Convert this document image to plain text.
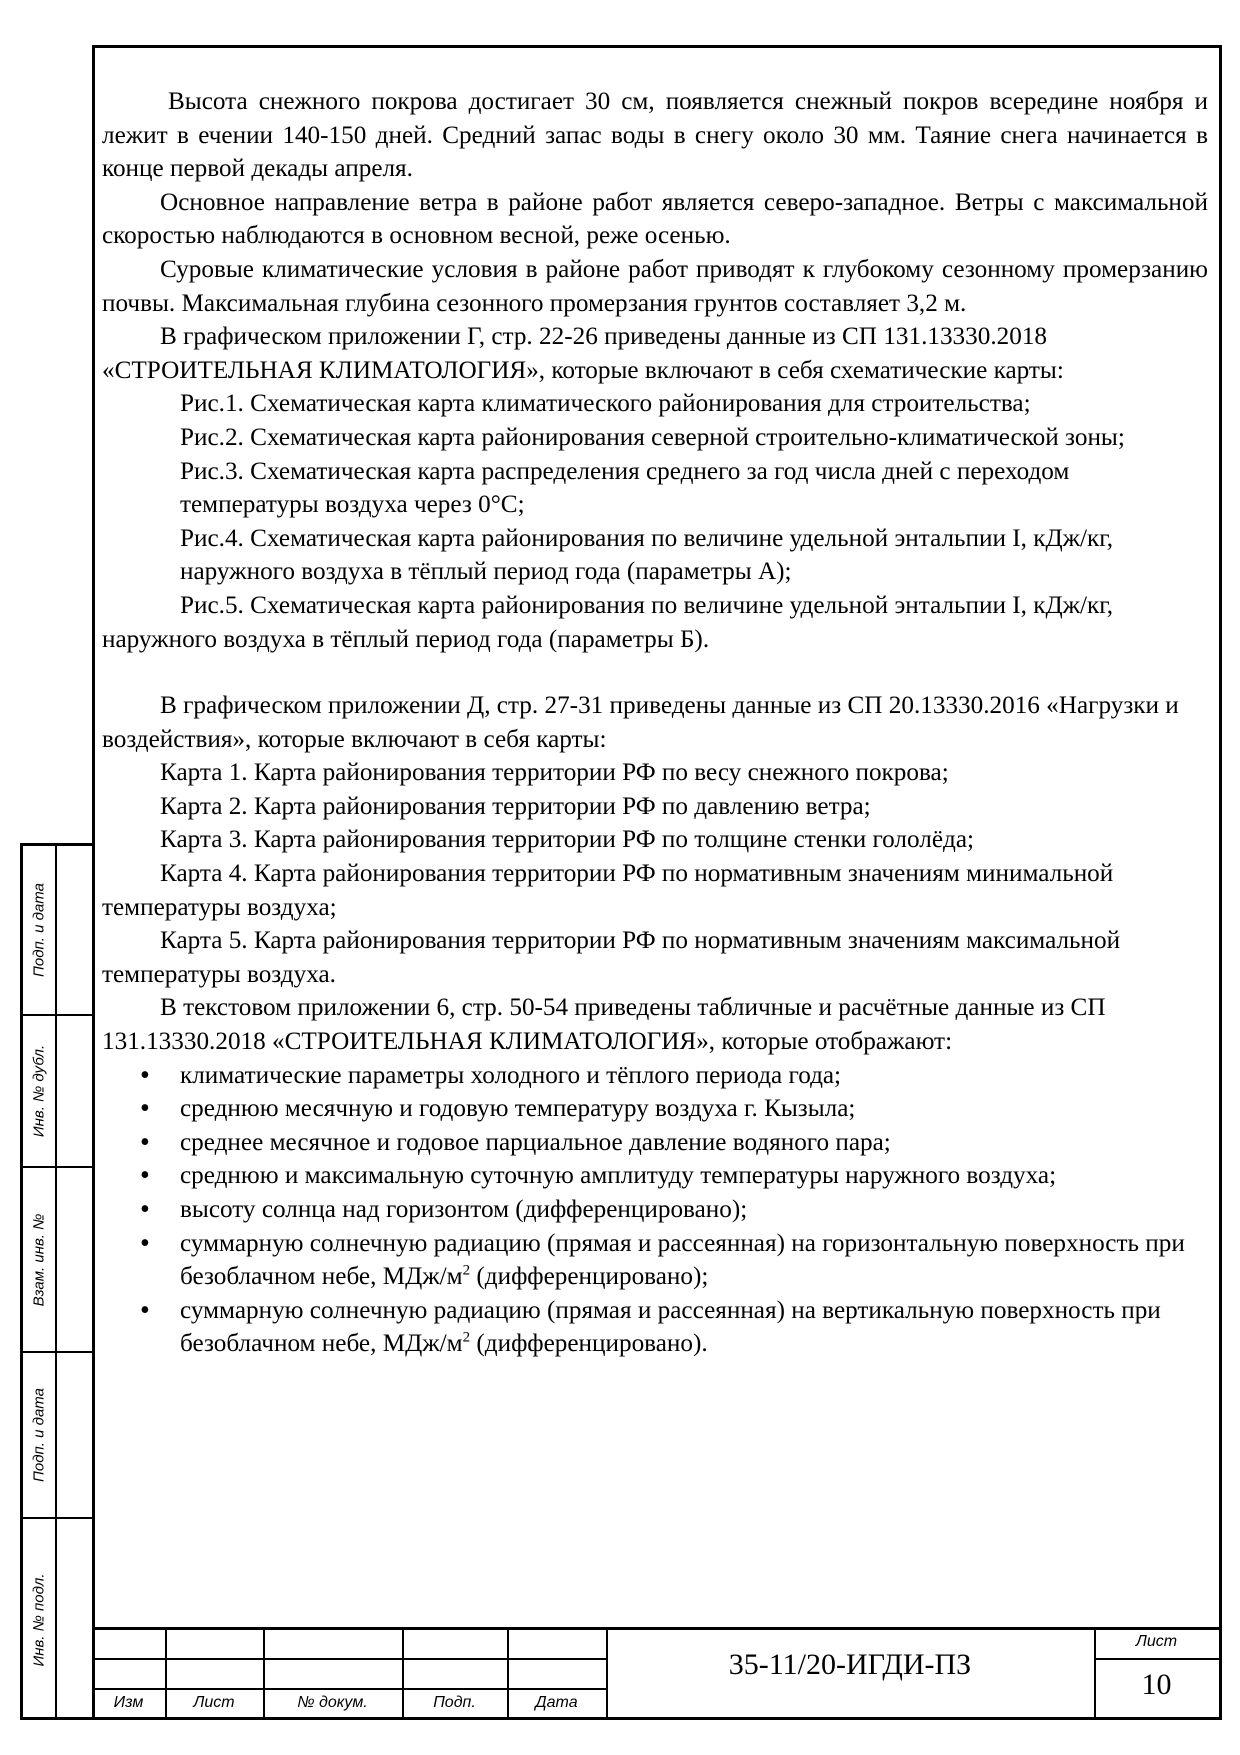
Высота снежного покрова достигает 30 см, появляется снежный покров всередине ноября и лежит в ечении 140-150 дней. Средний запас воды в снегу около 30 мм. Таяние снега начинается в конце первой декады апреля.

Основное направление ветра в районе работ является северо-западное. Ветры с максимальной скоростью наблюдаются в основном весной, реже осенью.

Суровые климатические условия в районе работ приводят к глубокому сезонному промерзанию почвы. Максимальная глубина сезонного промерзания грунтов составляет 3,2 м.

В графическом приложении Г, стр. 22-26 приведены данные из СП 131.13330.2018 «СТРОИТЕЛЬНАЯ КЛИМАТОЛОГИЯ», которые включают в себя схематические карты:

Рис.1. Схематическая карта климатического районирования для строительства;

Рис.2. Схематическая карта районирования северной строительно-климатической зоны;

Рис.3. Схематическая карта распределения среднего за год числа дней с переходом температуры воздуха через 0°С;

Рис.4. Схематическая карта районирования по величине удельной энтальпии I, кДж/кг, наружного воздуха в тёплый период года (параметры А);

Рис.5. Схематическая карта районирования по величине удельной энтальпии I, кДж/кг, наружного воздуха в тёплый период года (параметры Б).

В графическом приложении Д, стр. 27-31 приведены данные из СП 20.13330.2016 «Нагрузки и воздействия», которые включают в себя карты:

Карта 1. Карта районирования территории РФ по весу снежного покрова;

Карта 2. Карта районирования территории РФ по давлению ветра;

Карта 3. Карта районирования территории РФ по толщине стенки гололёда;

Карта 4. Карта районирования территории РФ по нормативным значениям минимальной температуры воздуха;

Карта 5. Карта районирования территории РФ по нормативным значениям максимальной температуры воздуха.

В текстовом приложении 6, стр. 50-54 приведены табличные и расчётные данные из СП 131.13330.2018 «СТРОИТЕЛЬНАЯ КЛИМАТОЛОГИЯ», которые отображают:

• климатические параметры холодного и тёплого периода года;
• среднюю месячную и годовую температуру воздуха г. Кызыла;
• среднее месячное и годовое парциальное давление водяного пара;
• среднюю и максимальную суточную амплитуду температуры наружного воздуха;
• высоту солнца над горизонтом (дифференцировано);
• суммарную солнечную радиацию (прямая и рассеянная) на горизонтальную поверхность при безоблачном небе, МДж/$м^2$ (дифференцировано);
• суммарную солнечную радиацию (прямая и рассеянная) на вертикальную поверхность при безоблачном небе, МДж/$м^2$ (дифференцировано).
Подп. и дата
Инв. № дубл.
Взам. инв. №
Подп. и дата
Инв. № подл.
Изм	Лист	№ докум.	Подп.	Дата
35-11/20-ИГДИ-ПЗ
Лист
10
